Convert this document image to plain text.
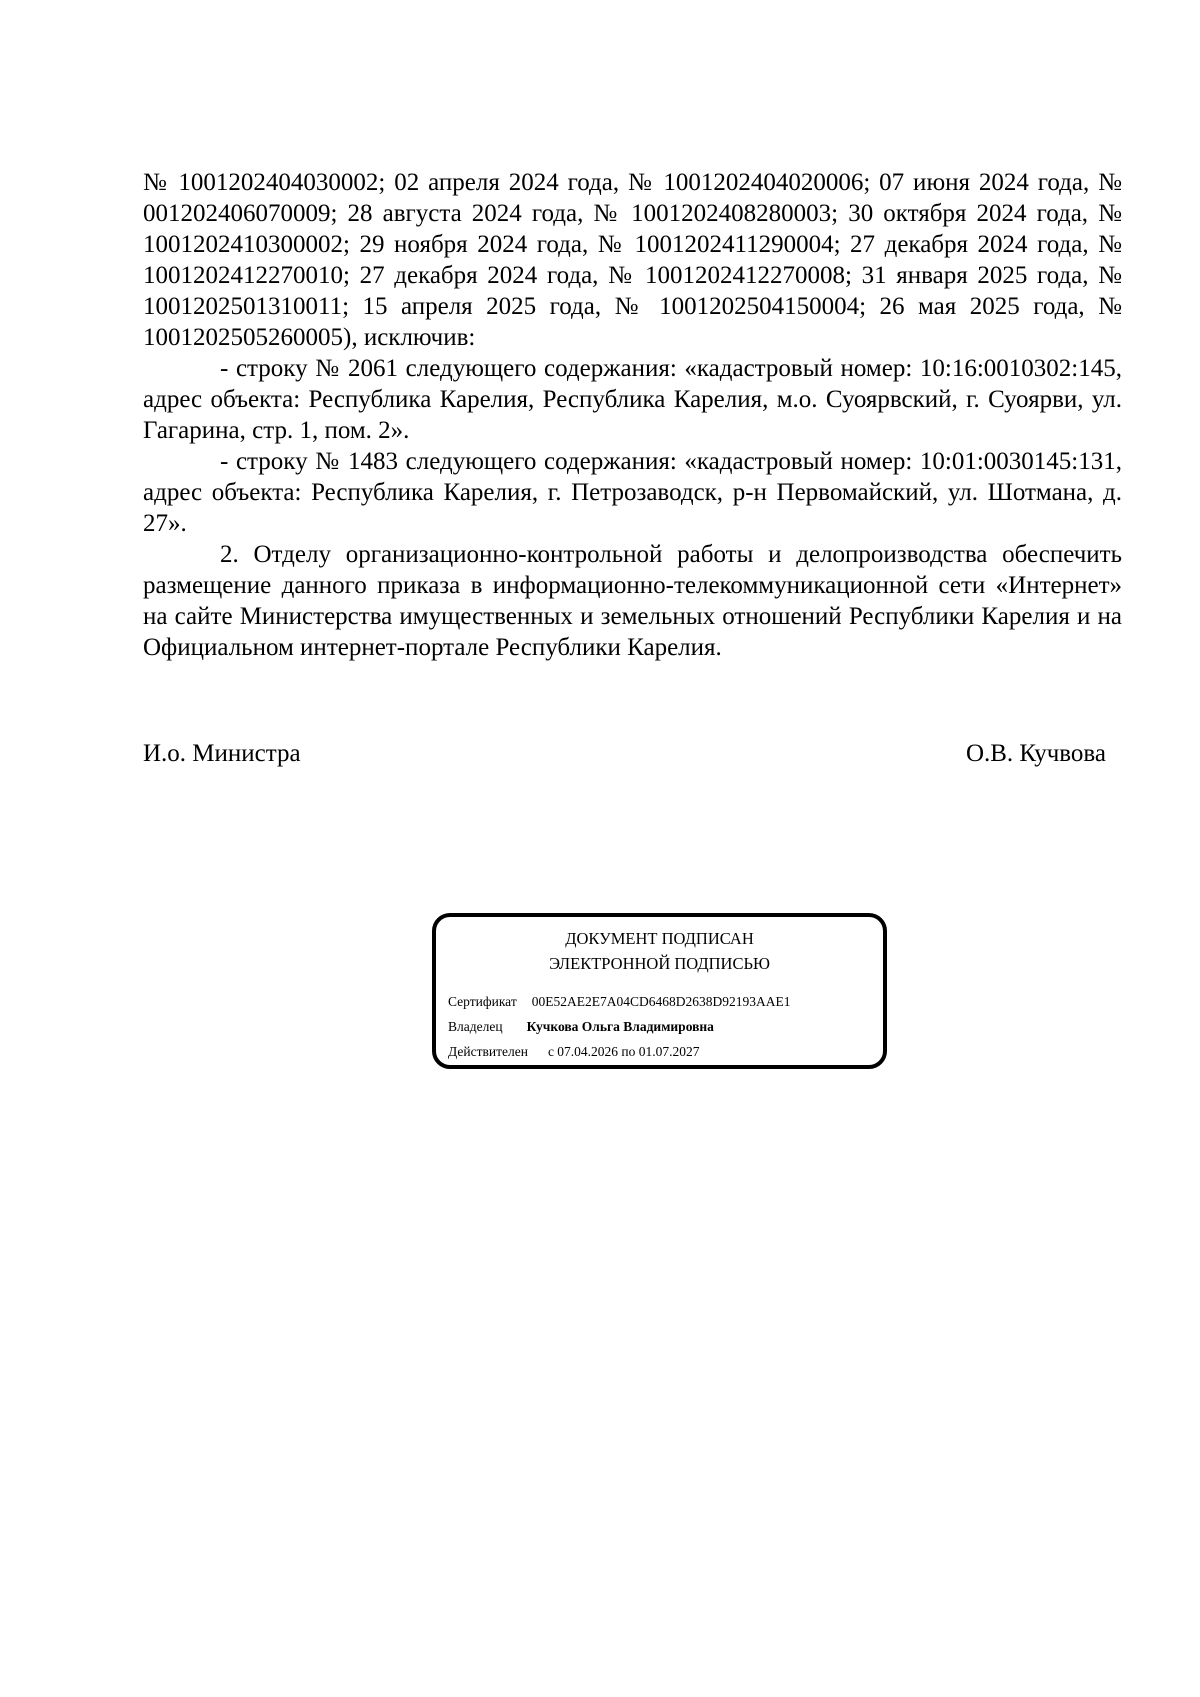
№ 1001202404030002; 02 апреля 2024 года, № 1001202404020006; 07 июня 2024 года, № 001202406070009; 28 августа 2024 года, № 1001202408280003; 30 октября 2024 года, № 1001202410300002; 29 ноября 2024 года, № 1001202411290004; 27 декабря 2024 года, № 1001202412270010; 27 декабря 2024 года, № 1001202412270008; 31 января 2025 года, № 1001202501310011; 15 апреля 2025 года, № 1001202504150004; 26 мая 2025 года, № 1001202505260005), исключив:

- строку № 2061 следующего содержания: «кадастровый номер: 10:16:0010302:145, адрес объекта: Республика Карелия, Республика Карелия, м.о. Суоярвский, г. Суоярви, ул. Гагарина, стр. 1, пом. 2».

- строку № 1483 следующего содержания: «кадастровый номер: 10:01:0030145:131, адрес объекта: Республика Карелия, г. Петрозаводск, р-н Первомайский, ул. Шотмана, д. 27».

2. Отделу организационно-контрольной работы и делопроизводства обеспечить размещение данного приказа в информационно-телекоммуникационной сети «Интернет» на сайте Министерства имущественных и земельных отношений Республики Карелия и на Официальном интернет-портале Республики Карелия.

И.о. Министра	О.В. Кучвова
ДОКУМЕНТ ПОДПИСАН
ЭЛЕКТРОННОЙ ПОДПИСЬЮ
Сертификат 00E52AE2E7A04CD6468D2638D92193AAE1
Владелец Кучкова Ольга Владимировна
Действителен с 07.04.2026 по 01.07.2027
